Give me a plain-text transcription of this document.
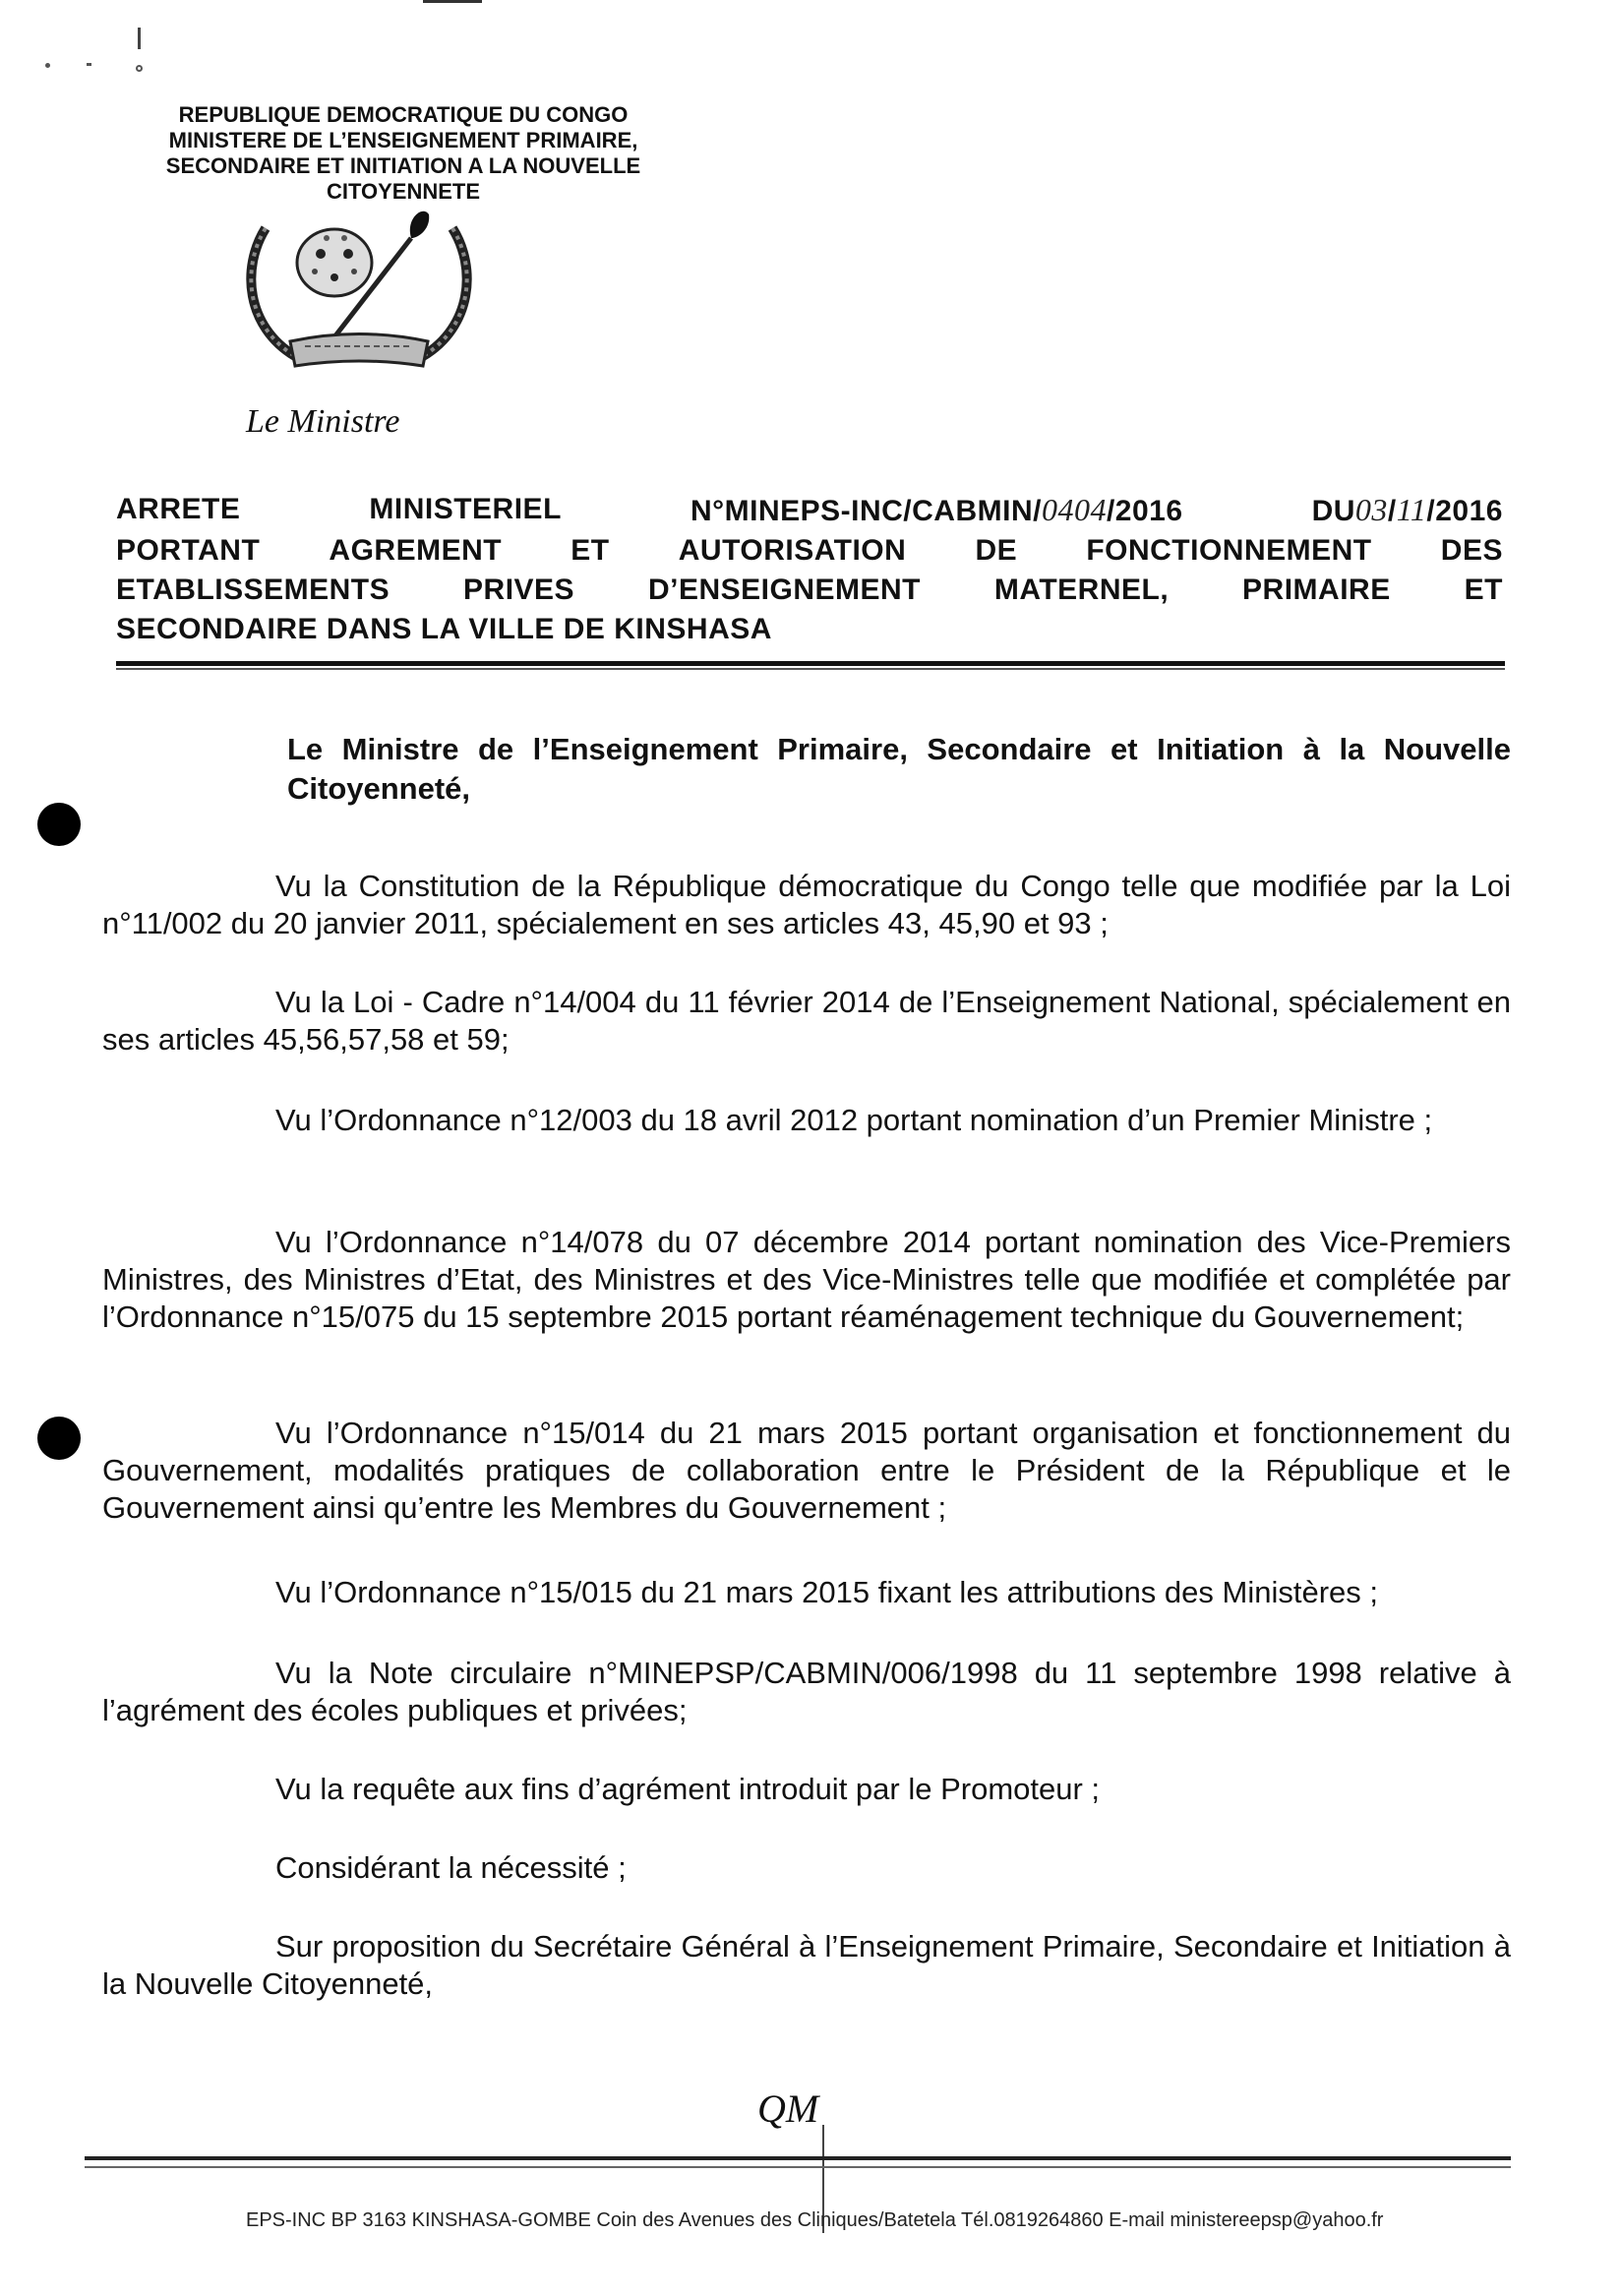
REPUBLIQUE DEMOCRATIQUE DU CONGO
MINISTERE DE L’ENSEIGNEMENT PRIMAIRE,
SECONDAIRE ET INITIATION A LA NOUVELLE
CITOYENNETE
Le Ministre
ARRETE	MINISTERIEL	N°MINEPS-INC/CABMIN/0404/2016	DU03/11/2016
PORTANT AGREMENT ET AUTORISATION DE FONCTIONNEMENT DES
ETABLISSEMENTS PRIVES D’ENSEIGNEMENT MATERNEL, PRIMAIRE ET
SECONDAIRE DANS LA VILLE DE KINSHASA
Le Ministre de l’Enseignement Primaire, Secondaire et Initiation à la Nouvelle Citoyenneté,
Vu la Constitution de la République démocratique du Congo telle que modifiée par la Loi n°11/002 du 20 janvier 2011, spécialement en ses articles 43, 45,90 et 93 ;
Vu la Loi - Cadre n°14/004 du 11 février 2014 de l’Enseignement National, spécialement en ses articles 45,56,57,58 et 59;
Vu l’Ordonnance n°12/003 du 18 avril 2012 portant nomination d’un Premier Ministre ;
Vu l’Ordonnance n°14/078 du 07 décembre 2014 portant nomination des Vice-Premiers Ministres, des Ministres d’Etat, des Ministres et des Vice-Ministres telle que modifiée et complétée par l’Ordonnance n°15/075 du 15 septembre 2015 portant réaménagement technique du Gouvernement;
Vu l’Ordonnance n°15/014 du 21 mars 2015 portant organisation et fonctionnement du Gouvernement, modalités pratiques de collaboration entre le Président de la République et le Gouvernement ainsi qu’entre les Membres du Gouvernement ;
Vu l’Ordonnance n°15/015 du 21 mars 2015 fixant les attributions des Ministères ;
Vu la Note circulaire n°MINEPSP/CABMIN/006/1998 du 11 septembre 1998 relative à l’agrément des écoles publiques et privées;
Vu la requête aux fins d’agrément introduit par le Promoteur ;
Considérant la nécessité ;
Sur proposition du Secrétaire Général à l’Enseignement Primaire, Secondaire et Initiation à la Nouvelle Citoyenneté,
QM
EPS-INC BP 3163 KINSHASA-GOMBE Coin des Avenues des Cliniques/Batetela Tél.0819264860 E-mail ministereepsp@yahoo.fr
